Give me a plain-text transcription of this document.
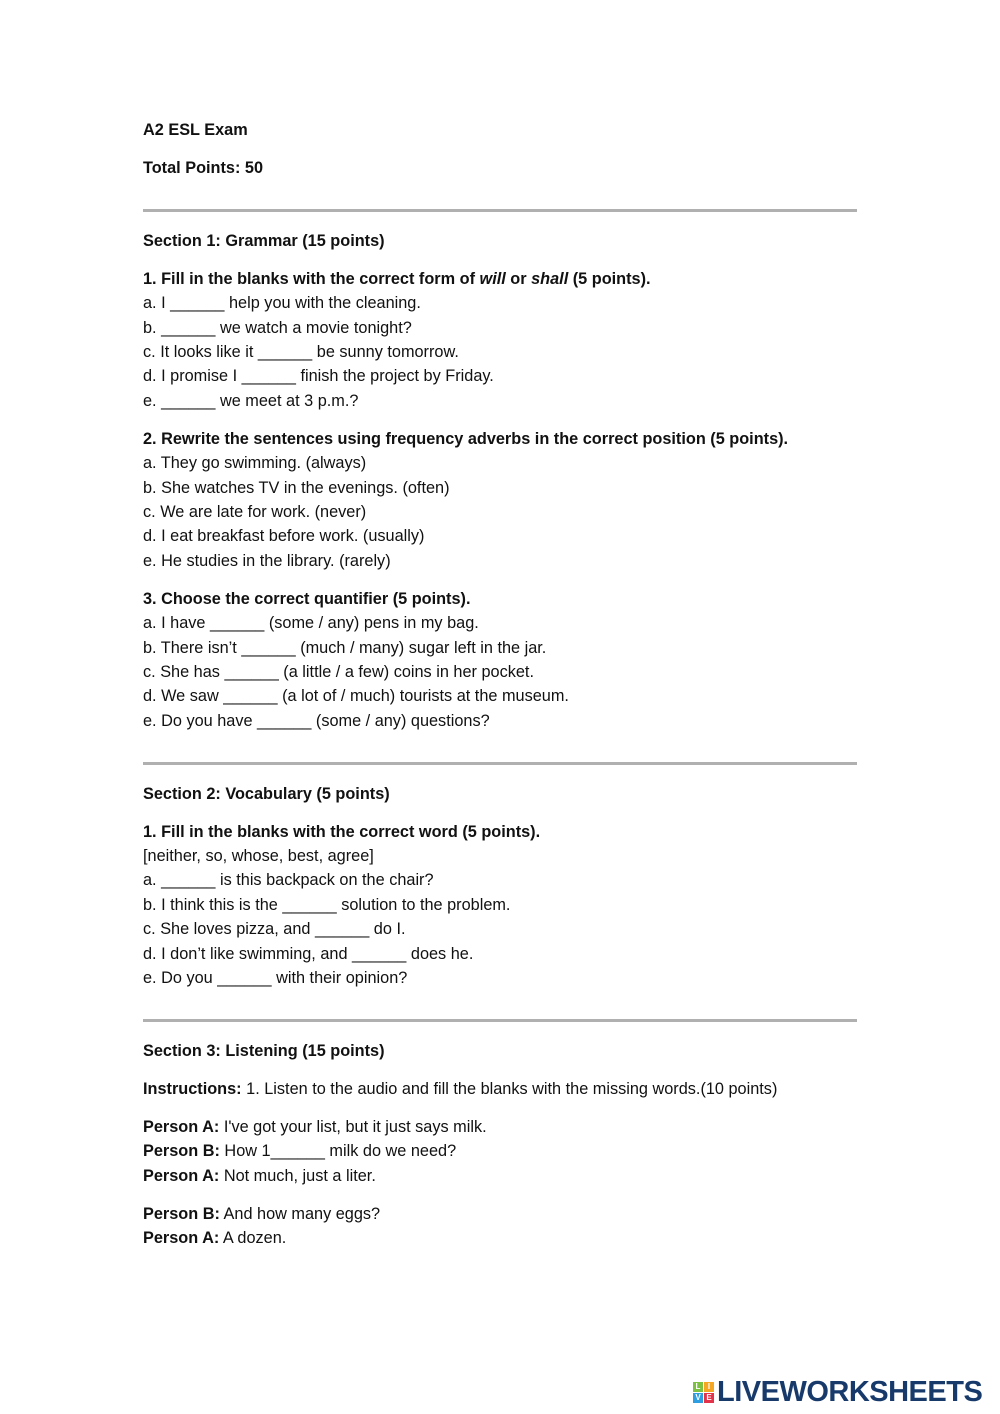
A2 ESL Exam
Total Points: 50
Section 1: Grammar (15 points)
1. Fill in the blanks with the correct form of will or shall (5 points).
a. I ______ help you with the cleaning.
b. ______ we watch a movie tonight?
c. It looks like it ______ be sunny tomorrow.
d. I promise I ______ finish the project by Friday.
e. ______ we meet at 3 p.m.?
2. Rewrite the sentences using frequency adverbs in the correct position (5 points).
a. They go swimming. (always)
b. She watches TV in the evenings. (often)
c. We are late for work. (never)
d. I eat breakfast before work. (usually)
e. He studies in the library. (rarely)
3. Choose the correct quantifier (5 points).
a. I have ______ (some / any) pens in my bag.
b. There isn’t ______ (much / many) sugar left in the jar.
c. She has ______ (a little / a few) coins in her pocket.
d. We saw ______ (a lot of / much) tourists at the museum.
e. Do you have ______ (some / any) questions?
Section 2: Vocabulary (5 points)
1. Fill in the blanks with the correct word (5 points).
[neither, so, whose, best, agree]
a. ______ is this backpack on the chair?
b. I think this is the ______ solution to the problem.
c. She loves pizza, and ______ do I.
d. I don’t like swimming, and ______ does he.
e. Do you ______ with their opinion?
Section 3: Listening (15 points)
Instructions: 1. Listen to the audio and fill the blanks with the missing words.(10 points)
Person A: I've got your list, but it just says milk.
Person B: How 1______ milk do we need?
Person A: Not much, just a liter.
Person B: And how many eggs?
Person A: A dozen.
L I
V E LIVEWORKSHEETS
